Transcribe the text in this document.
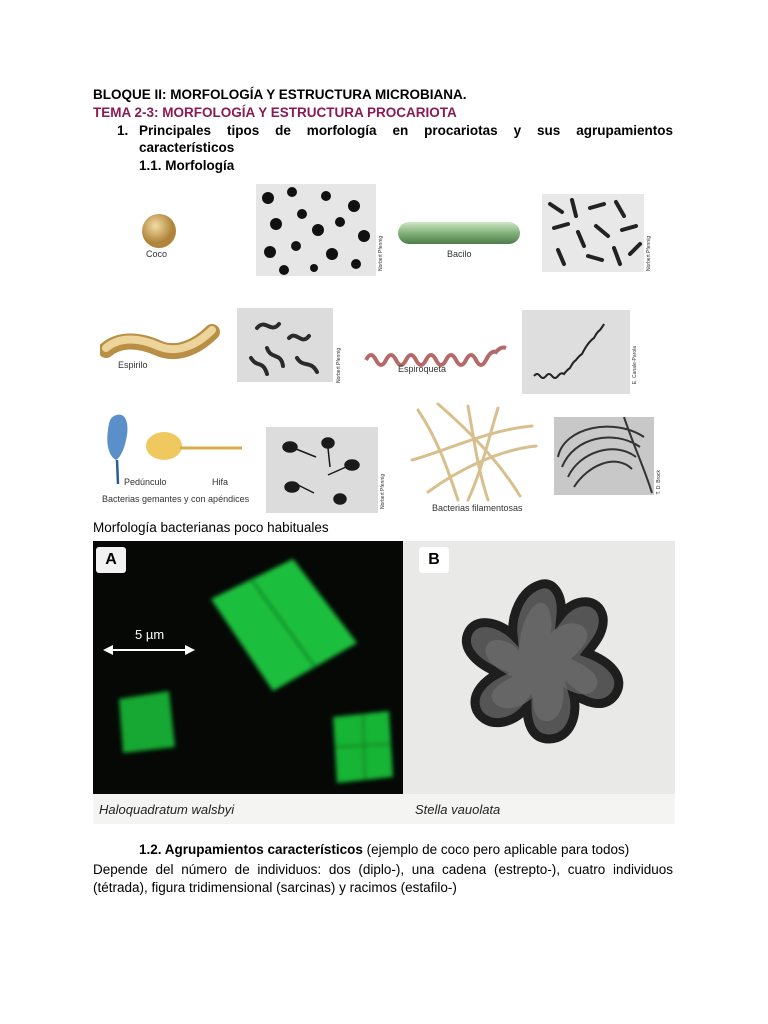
BLOQUE II: MORFOLOGÍA Y ESTRUCTURA MICROBIANA.
TEMA 2-3: MORFOLOGÍA Y ESTRUCTURA PROCARIOTA
1. Principales tipos de morfología en procariotas y sus agrupamientos
característicos
1.1. Morfología
Coco	Norbert Pfennig	Bacilo	Norbert Pfennig
Espirilo	Norbert Pfennig	Espiroqueta	E. Canale-Parola
Pedúnculo	Hifa
Bacterias gemantes y con apéndices	Norbert Pfennig	Bacterias filamentosas
T. D. Brock
Morfología bacterianas poco habituales
A
5 µm
B
Haloquadratum walsbyi	Stella vauolata
1.2. Agrupamientos característicos (ejemplo de coco pero aplicable para todos)
Depende del número de individuos: dos (diplo-), una cadena (estrepto-), cuatro individuos (tétrada), figura tridimensional (sarcinas) y racimos (estafilo-)
